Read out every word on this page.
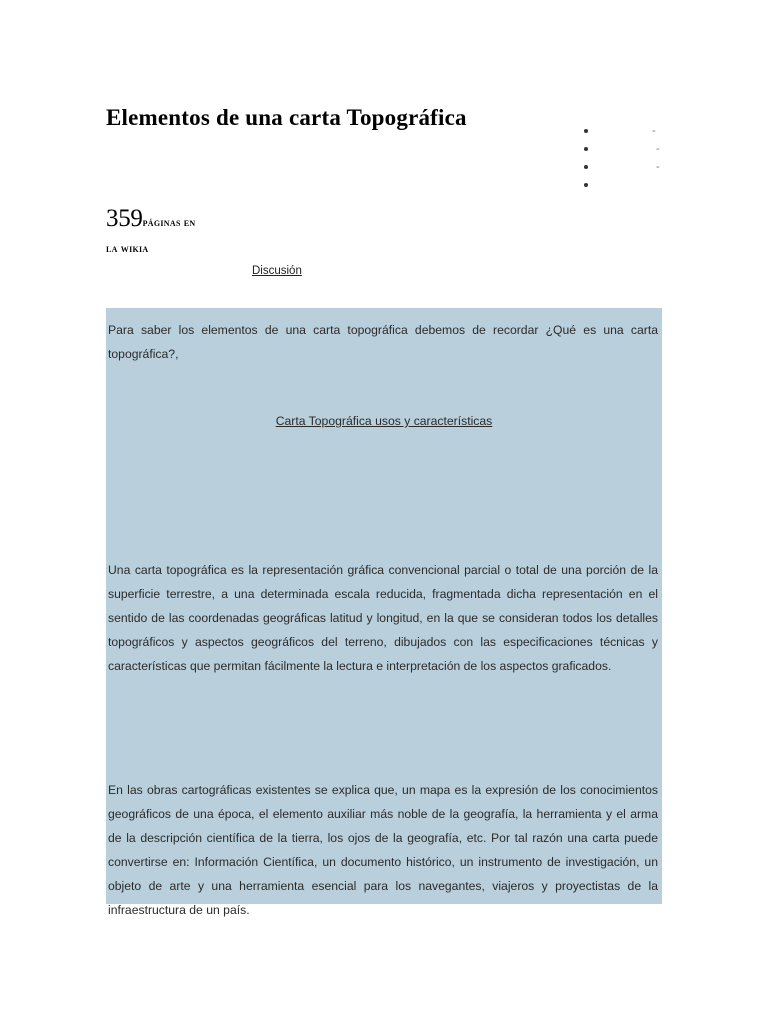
Elementos de una carta Topográfica
-
-
-
359páginas en
la wikia
Discusión

Para saber los elementos de una carta topográfica debemos de recordar ¿Qué es una carta topográfica?,

Carta Topográfica usos y características

Una carta topográfica es la representación gráfica convencional parcial o total de una porción de la superficie terrestre, a una determinada escala reducida, fragmentada dicha representación en el sentido de las coordenadas geográficas latitud y longitud, en la que se consideran todos los detalles topográficos y aspectos geográficos del terreno, dibujados con las especificaciones técnicas y características que permitan fácilmente la lectura e interpretación de los aspectos graficados.

En las obras cartográficas existentes se explica que, un mapa es la expresión de los conocimientos geográficos de una época, el elemento auxiliar más noble de la geografía, la herramienta y el arma de la descripción científica de la tierra, los ojos de la geografía, etc. Por tal razón una carta puede convertirse en: Información Científica, un documento histórico, un instrumento de investigación, un objeto de arte y una herramienta esencial para los navegantes, viajeros y proyectistas de la infraestructura de un país.
